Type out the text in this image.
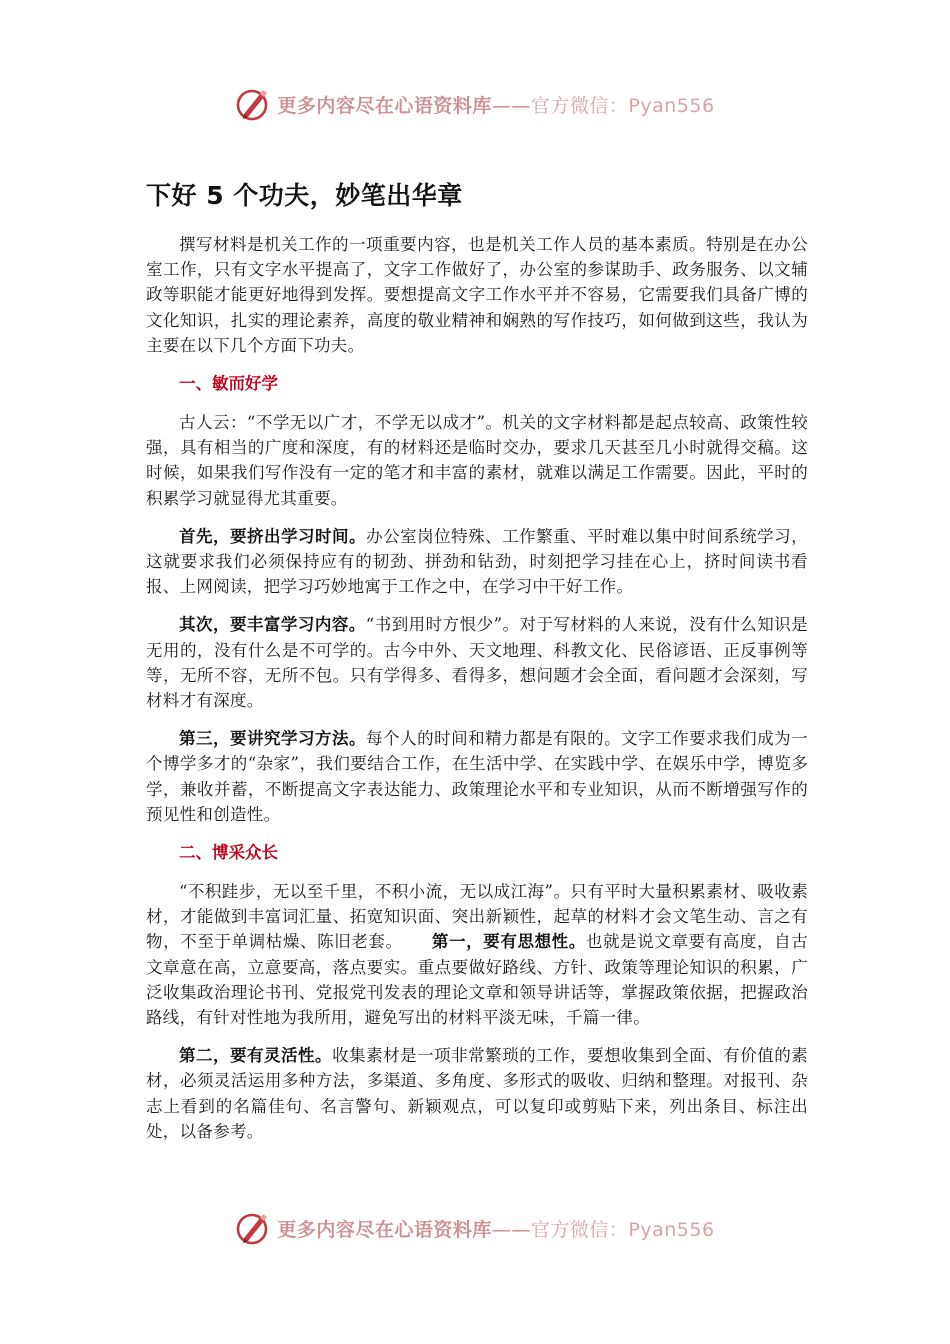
更多内容尽在心语资料库——官方微信：Pyan556
下好 5 个功夫，妙笔出华章

撰写材料是机关工作的一项重要内容，也是机关工作人员的基本素质。特别是在办公室工作，只有文字水平提高了，文字工作做好了，办公室的参谋助手、政务服务、以文辅政等职能才能更好地得到发挥。要想提高文字工作水平并不容易，它需要我们具备广博的文化知识，扎实的理论素养，高度的敬业精神和娴熟的写作技巧，如何做到这些，我认为主要在以下几个方面下功夫。

一、敏而好学

古人云：“不学无以广才，不学无以成才”。机关的文字材料都是起点较高、政策性较强，具有相当的广度和深度，有的材料还是临时交办，要求几天甚至几小时就得交稿。这时候，如果我们写作没有一定的笔才和丰富的素材，就难以满足工作需要。因此，平时的积累学习就显得尤其重要。

首先，要挤出学习时间。办公室岗位特殊、工作繁重、平时难以集中时间系统学习，这就要求我们必须保持应有的韧劲、拼劲和钻劲，时刻把学习挂在心上，挤时间读书看报、上网阅读，把学习巧妙地寓于工作之中，在学习中干好工作。

其次，要丰富学习内容。“书到用时方恨少”。对于写材料的人来说，没有什么知识是无用的，没有什么是不可学的。古今中外、天文地理、科教文化、民俗谚语、正反事例等等，无所不容，无所不包。只有学得多、看得多，想问题才会全面，看问题才会深刻，写材料才有深度。

第三，要讲究学习方法。每个人的时间和精力都是有限的。文字工作要求我们成为一个博学多才的“杂家”，我们要结合工作，在生活中学、在实践中学、在娱乐中学，博览多学，兼收并蓄，不断提高文字表达能力、政策理论水平和专业知识，从而不断增强写作的预见性和创造性。

二、博采众长

“不积跬步，无以至千里，不积小流，无以成江海”。只有平时大量积累素材、吸收素材，才能做到丰富词汇量、拓宽知识面、突出新颖性，起草的材料才会文笔生动、言之有物，不至于单调枯燥、陈旧老套。 第一，要有思想性。也就是说文章要有高度，自古文章意在高，立意要高，落点要实。重点要做好路线、方针、政策等理论知识的积累，广泛收集政治理论书刊、党报党刊发表的理论文章和领导讲话等，掌握政策依据，把握政治路线，有针对性地为我所用，避免写出的材料平淡无味，千篇一律。

第二，要有灵活性。收集素材是一项非常繁琐的工作，要想收集到全面、有价值的素材，必须灵活运用多种方法，多渠道、多角度、多形式的吸收、归纳和整理。对报刊、杂志上看到的名篇佳句、名言警句、新颖观点，可以复印或剪贴下来，列出条目、标注出处，以备参考。

更多内容尽在心语资料库——官方微信：Pyan556
